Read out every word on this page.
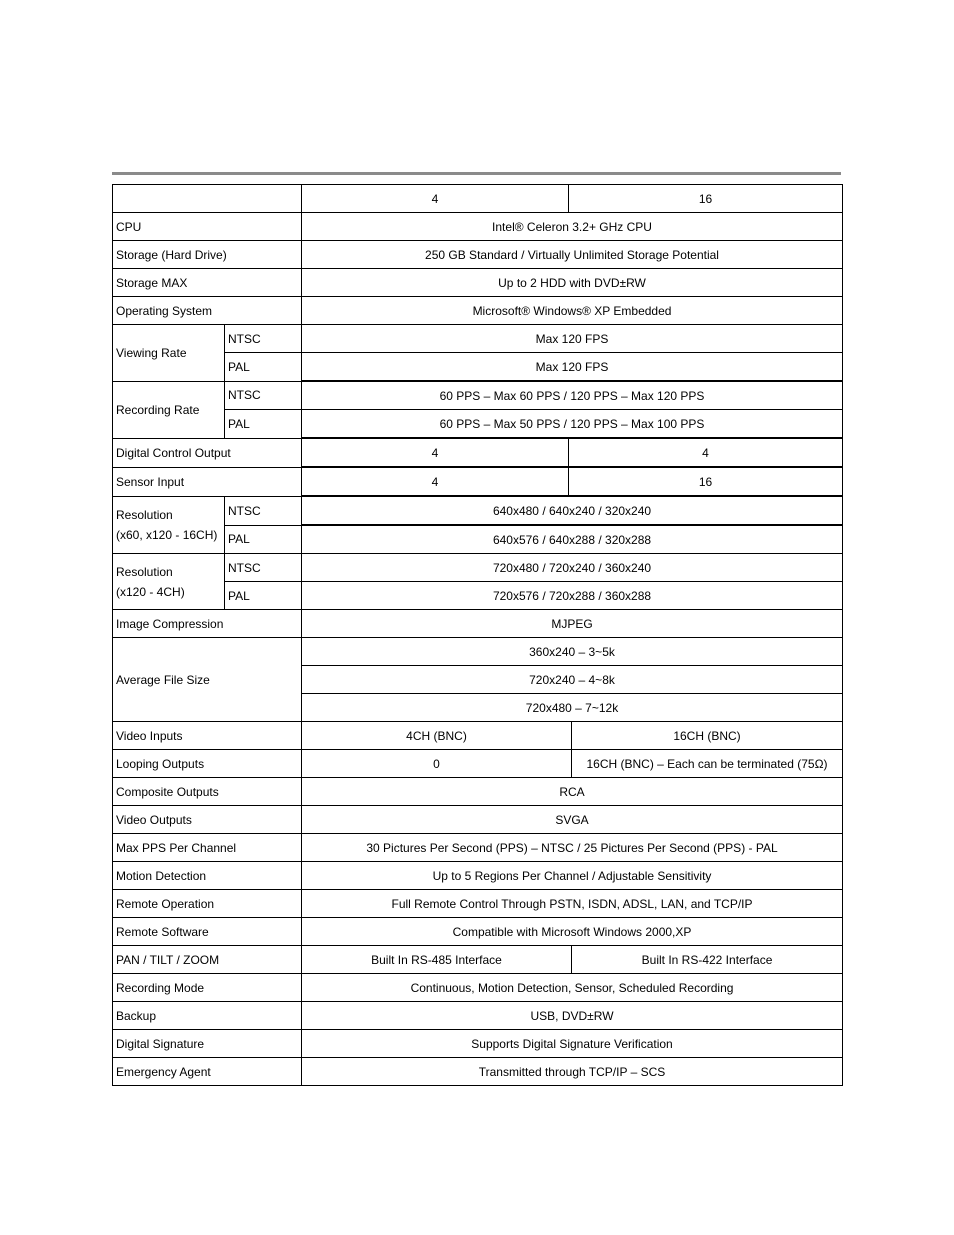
		4	16	
CPU		Intel® Celeron 3.2+ GHz CPU		
Storage (Hard Drive)		250 GB Standard / Virtually Unlimited Storage Potential		
Storage MAX		Up to 2 HDD with DVD±RW		
Operating System		Microsoft® Windows® XP Embedded		
Viewing Rate	NTSC	Max 120 FPS		
	PAL	Max 120 FPS		
Recording Rate	NTSC	60 PPS – Max 60 PPS / 120 PPS – Max 120 PPS		
	PAL	60 PPS – Max 50 PPS / 120 PPS – Max 100 PPS		
Digital Control Output		4	4	
Sensor Input		4	16	

Resolution
(x60, x120 - 16CH)	NTSC	640x480 / 640x240 / 320x240		
	PAL	640x576 / 640x288 / 320x288		

Resolution
(x120 - 4CH)	NTSC	720x480 / 720x240 / 360x240		
	PAL	720x576 / 720x288 / 360x288		
Image Compression		MJPEG		
Average File Size		360x240 – 3~5k		
		720x240 – 4~8k		
		720x480 – 7~12k		
Video Inputs		4CH (BNC)		16CH (BNC)
Looping Outputs		0		16CH (BNC) – Each can be terminated (75Ω)
Composite Outputs		RCA		
Video Outputs		SVGA		
Max PPS Per Channel		30 Pictures Per Second (PPS) – NTSC / 25 Pictures Per Second (PPS) - PAL		
Motion Detection		Up to 5 Regions Per Channel / Adjustable Sensitivity		
Remote Operation		Full Remote Control Through PSTN, ISDN, ADSL, LAN, and TCP/IP		
Remote Software		Compatible with Microsoft Windows 2000,XP		
PAN / TILT / ZOOM		Built In RS-485 Interface		Built In RS-422 Interface
Recording Mode		Continuous, Motion Detection, Sensor, Scheduled Recording		
Backup		USB, DVD±RW		
Digital Signature		Supports Digital Signature Verification		
Emergency Agent		Transmitted through TCP/IP – SCS		
